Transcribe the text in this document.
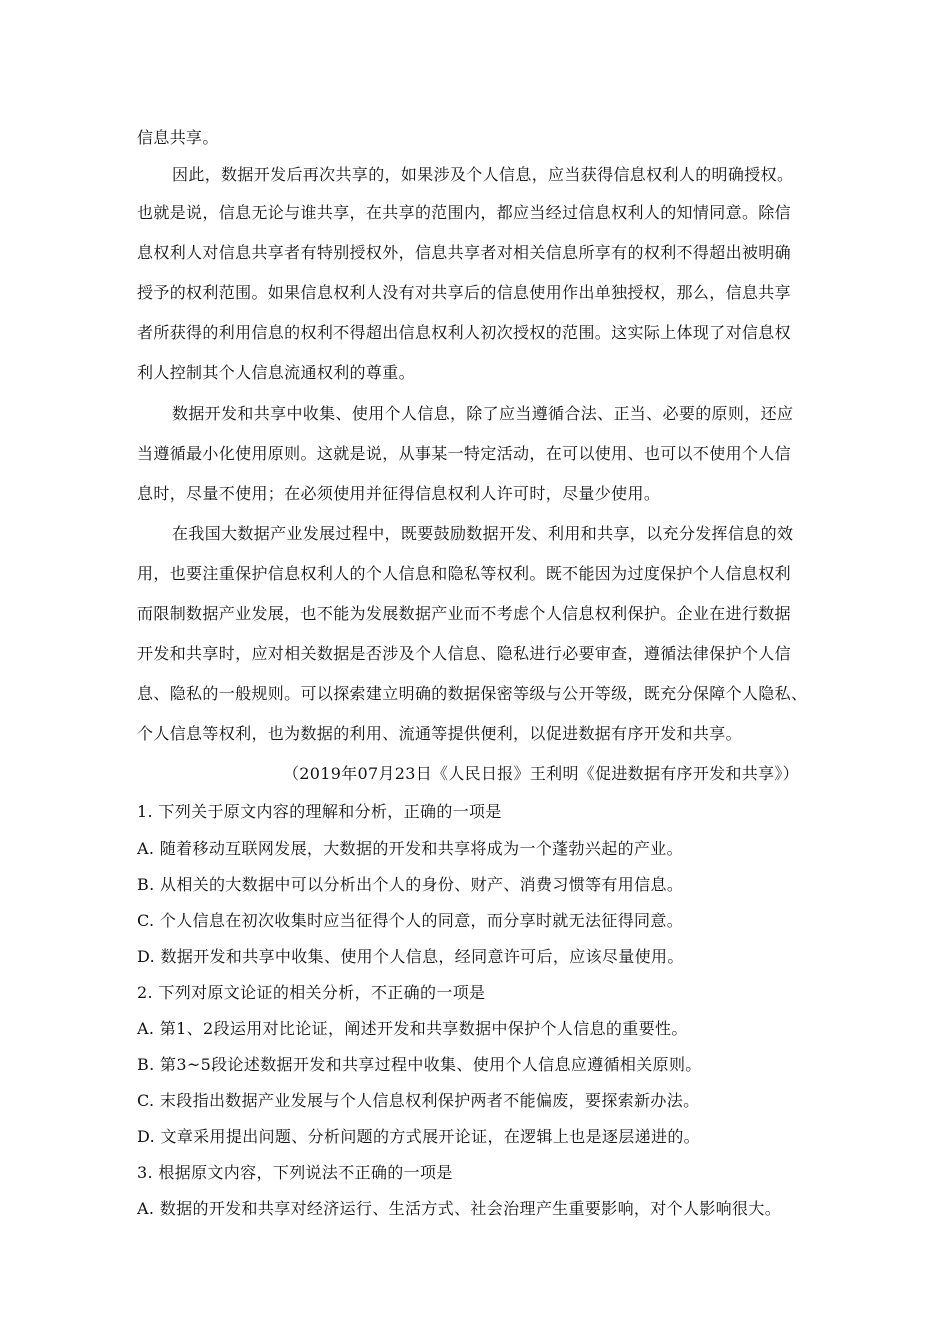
信息共享。
因此，数据开发后再次共享的，如果涉及个人信息，应当获得信息权利人的明确授权。
也就是说，信息无论与谁共享，在共享的范围内，都应当经过信息权利人的知情同意。除信
息权利人对信息共享者有特别授权外，信息共享者对相关信息所享有的权利不得超出被明确
授予的权利范围。如果信息权利人没有对共享后的信息使用作出单独授权，那么，信息共享
者所获得的利用信息的权利不得超出信息权利人初次授权的范围。这实际上体现了对信息权
利人控制其个人信息流通权利的尊重。
数据开发和共享中收集、使用个人信息，除了应当遵循合法、正当、必要的原则，还应
当遵循最小化使用原则。这就是说，从事某一特定活动，在可以使用、也可以不使用个人信
息时，尽量不使用；在必须使用并征得信息权利人许可时，尽量少使用。
在我国大数据产业发展过程中，既要鼓励数据开发、利用和共享，以充分发挥信息的效
用，也要注重保护信息权利人的个人信息和隐私等权利。既不能因为过度保护个人信息权利
而限制数据产业发展，也不能为发展数据产业而不考虑个人信息权利保护。企业在进行数据
开发和共享时，应对相关数据是否涉及个人信息、隐私进行必要审查，遵循法律保护个人信
息、隐私的一般规则。可以探索建立明确的数据保密等级与公开等级，既充分保障个人隐私、
个人信息等权利，也为数据的利用、流通等提供便利，以促进数据有序开发和共享。
（2019年07月23日《人民日报》王利明《促进数据有序开发和共享》）
1. 下列关于原文内容的理解和分析，正确的一项是
A. 随着移动互联网发展，大数据的开发和共享将成为一个蓬勃兴起的产业。
B. 从相关的大数据中可以分析出个人的身份、财产、消费习惯等有用信息。
C. 个人信息在初次收集时应当征得个人的同意，而分享时就无法征得同意。
D. 数据开发和共享中收集、使用个人信息，经同意许可后，应该尽量使用。
2. 下列对原文论证的相关分析，不正确的一项是
A. 第1、2段运用对比论证，阐述开发和共享数据中保护个人信息的重要性。
B. 第3~5段论述数据开发和共享过程中收集、使用个人信息应遵循相关原则。
C. 末段指出数据产业发展与个人信息权利保护两者不能偏废，要探索新办法。
D. 文章采用提出问题、分析问题的方式展开论证，在逻辑上也是逐层递进的。
3. 根据原文内容，下列说法不正确的一项是
A. 数据的开发和共享对经济运行、生活方式、社会治理产生重要影响，对个人影响很大。
